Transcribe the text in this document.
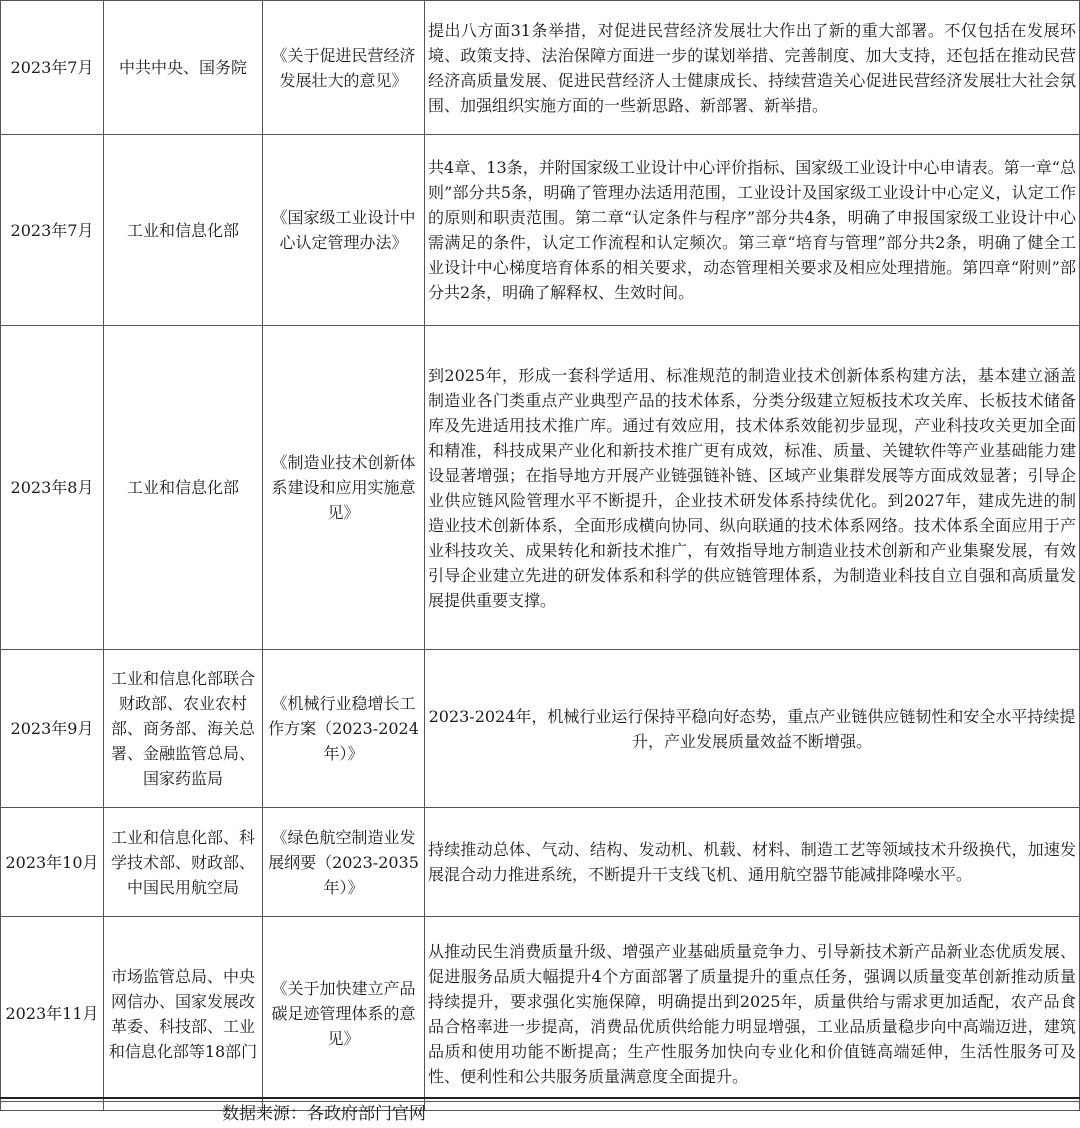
2023年7月	中共中央、国务院	《关于促进民营经济发展壮大的意见》	提出八方面31条举措，对促进民营经济发展壮大作出了新的重大部署。不仅包括在发展环境、政策支持、法治保障方面进一步的谋划举措、完善制度、加大支持，还包括在推动民营经济高质量发展、促进民营经济人士健康成长、持续营造关心促进民营经济发展壮大社会氛围、加强组织实施方面的一些新思路、新部署、新举措。
2023年7月	工业和信息化部	《国家级工业设计中心认定管理办法》	共4章、13条，并附国家级工业设计中心评价指标、国家级工业设计中心申请表。第一章“总则”部分共5条，明确了管理办法适用范围，工业设计及国家级工业设计中心定义，认定工作的原则和职责范围。第二章“认定条件与程序”部分共4条，明确了申报国家级工业设计中心需满足的条件，认定工作流程和认定频次。第三章“培育与管理”部分共2条，明确了健全工业设计中心梯度培育体系的相关要求，动态管理相关要求及相应处理措施。第四章“附则”部分共2条，明确了解释权、生效时间。
2023年8月	工业和信息化部	《制造业技术创新体系建设和应用实施意见》	到2025年，形成一套科学适用、标准规范的制造业技术创新体系构建方法，基本建立涵盖制造业各门类重点产业典型产品的技术体系，分类分级建立短板技术攻关库、长板技术储备库及先进适用技术推广库。通过有效应用，技术体系效能初步显现，产业科技攻关更加全面和精准，科技成果产业化和新技术推广更有成效，标准、质量、关键软件等产业基础能力建设显著增强；在指导地方开展产业链强链补链、区域产业集群发展等方面成效显著；引导企业供应链风险管理水平不断提升，企业技术研发体系持续优化。到2027年，建成先进的制造业技术创新体系，全面形成横向协同、纵向联通的技术体系网络。技术体系全面应用于产业科技攻关、成果转化和新技术推广，有效指导地方制造业技术创新和产业集聚发展，有效引导企业建立先进的研发体系和科学的供应链管理体系，为制造业科技自立自强和高质量发展提供重要支撑。
2023年9月	工业和信息化部联合财政部、农业农村部、商务部、海关总署、金融监管总局、国家药监局	《机械行业稳增长工作方案（2023-2024年）》	2023-2024年，机械行业运行保持平稳向好态势，重点产业链供应链韧性和安全水平持续提升，产业发展质量效益不断增强。
2023年10月	工业和信息化部、科学技术部、财政部、中国民用航空局	《绿色航空制造业发展纲要（2023-2035年）》	持续推动总体、气动、结构、发动机、机载、材料、制造工艺等领域技术升级换代，加速发展混合动力推进系统，不断提升干支线飞机、通用航空器节能减排降噪水平。
2023年11月	市场监管总局、中央网信办、国家发展改革委、科技部、工业和信息化部等18部门	《关于加快建立产品碳足迹管理体系的意见》	从推动民生消费质量升级、增强产业基础质量竞争力、引导新技术新产品新业态优质发展、促进服务品质大幅提升4个方面部署了质量提升的重点任务，强调以质量变革创新推动质量持续提升，要求强化实施保障，明确提出到2025年，质量供给与需求更加适配，农产品食品合格率进一步提高，消费品优质供给能力明显增强，工业品质量稳步向中高端迈进，建筑品质和使用功能不断提高；生产性服务加快向专业化和价值链高端延伸，生活性服务可及性、便利性和公共服务质量满意度全面提升。
数据来源：各政府部门官网
